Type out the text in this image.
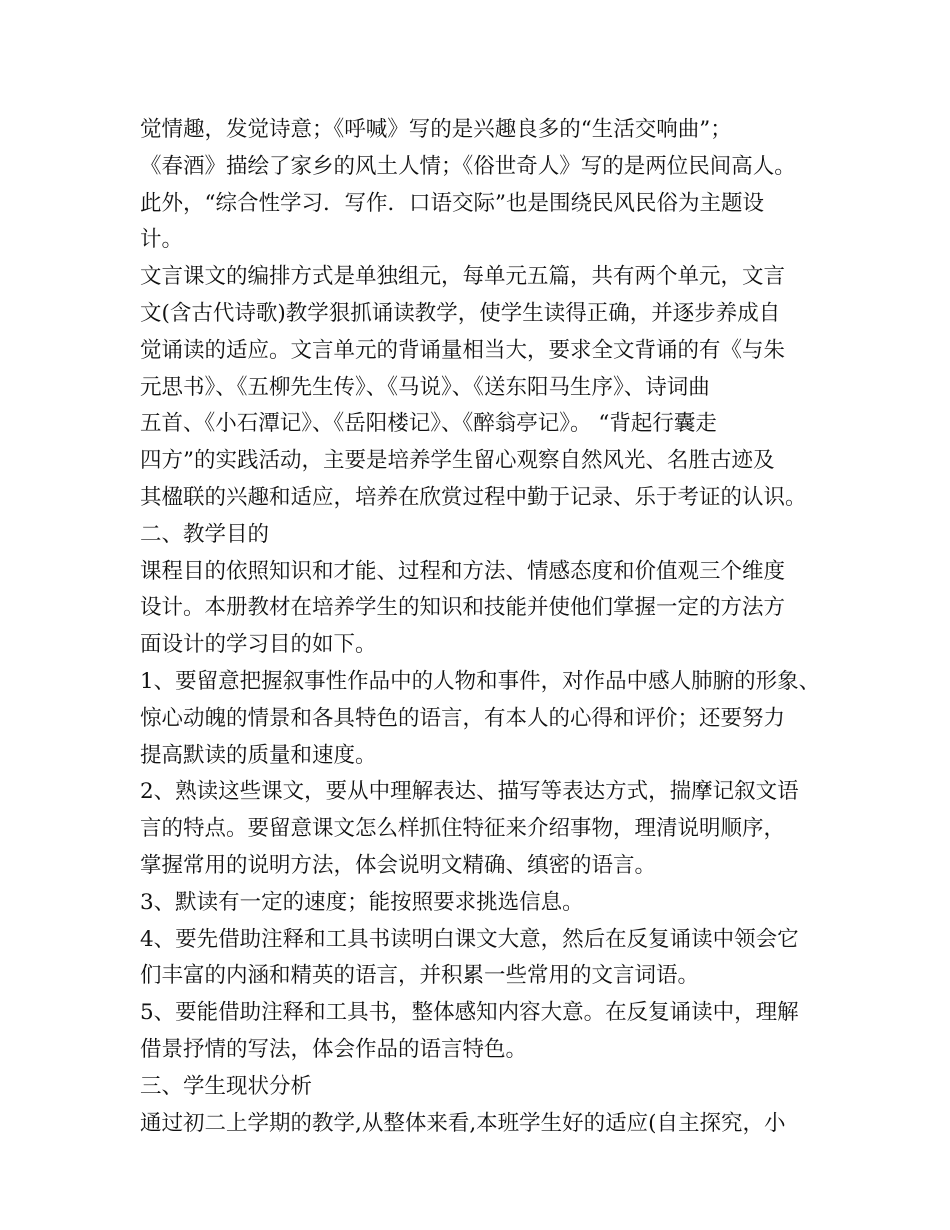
觉情趣，发觉诗意；《呼喊》写的是兴趣良多的“生活交响曲”；
《春酒》描绘了家乡的风土人情；《俗世奇人》写的是两位民间高人。
此外，“综合性学习．写作．口语交际”也是围绕民风民俗为主题设
计。
文言课文的编排方式是单独组元，每单元五篇，共有两个单元，文言
文(含古代诗歌)教学狠抓诵读教学，使学生读得正确，并逐步养成自
觉诵读的适应。文言单元的背诵量相当大，要求全文背诵的有《与朱
元思书》、《五柳先生传》、《马说》、《送东阳马生序》、诗词曲
五首、《小石潭记》、《岳阳楼记》、《醉翁亭记》。 “背起行囊走
四方”的实践活动，主要是培养学生留心观察自然风光、名胜古迹及
其楹联的兴趣和适应，培养在欣赏过程中勤于记录、乐于考证的认识。
二、教学目的
课程目的依照知识和才能、过程和方法、情感态度和价值观三个维度
设计。本册教材在培养学生的知识和技能并使他们掌握一定的方法方
面设计的学习目的如下。
1、要留意把握叙事性作品中的人物和事件，对作品中感人肺腑的形象、
惊心动魄的情景和各具特色的语言，有本人的心得和评价；还要努力
提高默读的质量和速度。
2、熟读这些课文，要从中理解表达、描写等表达方式，揣摩记叙文语
言的特点。要留意课文怎么样抓住特征来介绍事物，理清说明顺序，
掌握常用的说明方法，体会说明文精确、缜密的语言。
3、默读有一定的速度；能按照要求挑选信息。
4、要先借助注释和工具书读明白课文大意，然后在反复诵读中领会它
们丰富的内涵和精英的语言，并积累一些常用的文言词语。
5、要能借助注释和工具书，整体感知内容大意。在反复诵读中，理解
借景抒情的写法，体会作品的语言特色。
三、学生现状分析
通过初二上学期的教学,从整体来看,本班学生好的适应(自主探究，小
